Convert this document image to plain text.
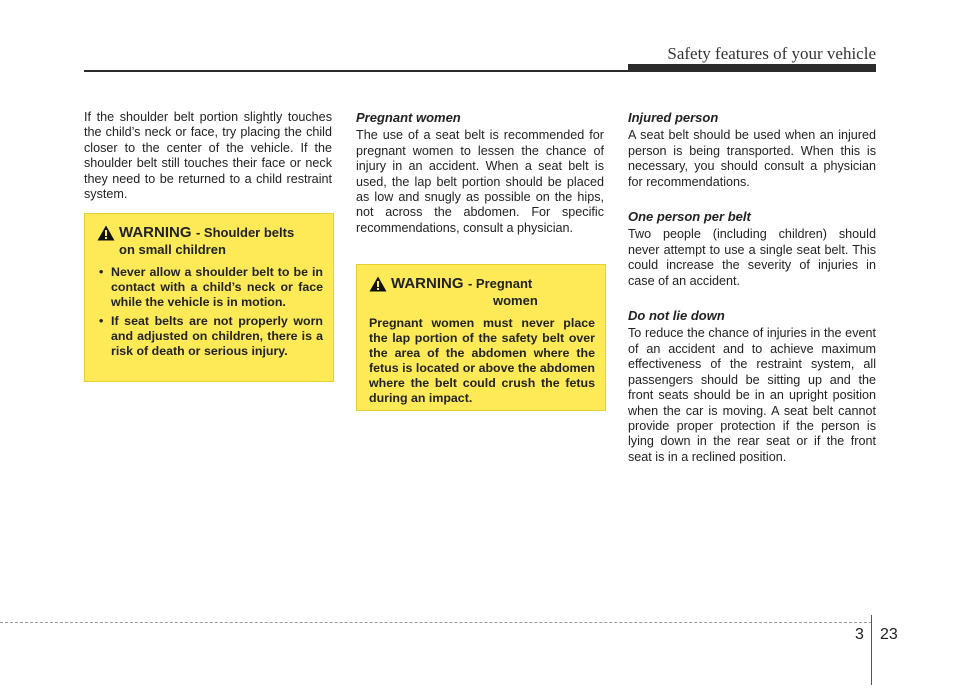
Safety features of your vehicle

If the shoulder belt portion slightly touches the child’s neck or face, try placing the child closer to the center of the vehicle. If the shoulder belt still touches their face or neck they need to be returned to a child restraint system.

WARNING - Shoulder belts
on small children
• Never allow a shoulder belt to be in contact with a child’s neck or face while the vehicle is in motion.
• If seat belts are not properly worn and adjusted on children, there is a risk of death or serious injury.

Pregnant women

The use of a seat belt is recommended for pregnant women to lessen the chance of injury in an accident. When a seat belt is used, the lap belt portion should be placed as low and snugly as possible on the hips, not across the abdomen. For specific recommendations, consult a physician.

WARNING - Pregnant
women

Pregnant women must never place the lap portion of the safety belt over the area of the abdomen where the fetus is located or above the abdomen where the belt could crush the fetus during an impact.

Injured person

A seat belt should be used when an injured person is being transported. When this is necessary, you should consult a physician for recommendations.

One person per belt

Two people (including children) should never attempt to use a single seat belt. This could increase the severity of injuries in case of an accident.

Do not lie down

To reduce the chance of injuries in the event of an accident and to achieve maximum effectiveness of the restraint system, all passengers should be sitting up and the front seats should be in an upright position when the car is moving. A seat belt cannot provide proper protection if the person is lying down in the rear seat or if the front seat is in a reclined position.

3 23
